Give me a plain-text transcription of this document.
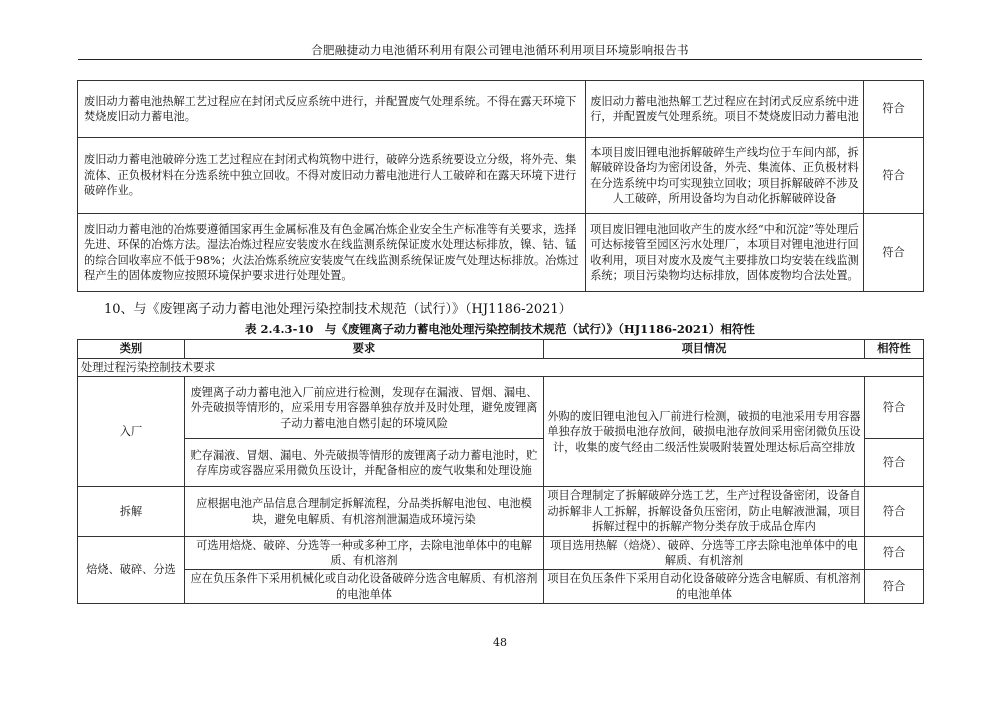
合肥融捷动力电池循环利用有限公司锂电池循环利用项目环境影响报告书
废旧动力蓄电池热解工艺过程应在封闭式反应系统中进行，并配置废气处理系统。不得在露天环境下焚烧废旧动力蓄电池。	废旧动力蓄电池热解工艺过程应在封闭式反应系统中进行，并配置废气处理系统。项目不焚烧废旧动力蓄电池	符合
废旧动力蓄电池破碎分选工艺过程应在封闭式构筑物中进行，破碎分选系统要设立分级，将外壳、集流体、正负极材料在分选系统中独立回收。不得对废旧动力蓄电池进行人工破碎和在露天环境下进行破碎作业。	本项目废旧锂电池拆解破碎生产线均位于车间内部，拆解破碎设备均为密闭设备，外壳、集流体、正负极材料在分选系统中均可实现独立回收；项目拆解破碎不涉及人工破碎，所用设备均为自动化拆解破碎设备	符合
废旧动力蓄电池的冶炼要遵循国家再生金属标准及有色金属冶炼企业安全生产标准等有关要求，选择先进、环保的冶炼方法。湿法冶炼过程应安装废水在线监测系统保证废水处理达标排放，镍、钴、锰的综合回收率应不低于98%；火法冶炼系统应安装废气在线监测系统保证废气处理达标排放。冶炼过程产生的固体废物应按照环境保护要求进行处理处置。	项目废旧锂电池回收产生的废水经“中和沉淀”等处理后可达标接管至园区污水处理厂，本项目对锂电池进行回收利用，项目对废水及废气主要排放口均安装在线监测系统；项目污染物均达标排放，固体废物均合法处置。	符合
10、与《废锂离子动力蓄电池处理污染控制技术规范（试行）》（HJ1186-2021）
表 2.4.3-10　与《废锂离子动力蓄电池处理污染控制技术规范（试行）》（HJ1186-2021）相符性
类别	要求	项目情况	相符性
处理过程污染控制技术要求			
入厂	废锂离子动力蓄电池入厂前应进行检测，发现存在漏液、冒烟、漏电、外壳破损等情形的，应采用专用容器单独存放并及时处理，避免废锂离子动力蓄电池自燃引起的环境风险	外购的废旧锂电池包入厂前进行检测，破损的电池采用专用容器单独存放于破损电池存放间，破损电池存放间采用密闭微负压设计，收集的废气经由二级活性炭吸附装置处理达标后高空排放	符合
	贮存漏液、冒烟、漏电、外壳破损等情形的废锂离子动力蓄电池时，贮存库房或容器应采用微负压设计，并配备相应的废气收集和处理设施		符合
拆解	应根据电池产品信息合理制定拆解流程，分品类拆解电池包、电池模块，避免电解质、有机溶剂泄漏造成环境污染	项目合理制定了拆解破碎分选工艺，生产过程设备密闭，设备自动拆解非人工拆解，拆解设备负压密闭，防止电解液泄漏，项目拆解过程中的拆解产物分类存放于成品仓库内	符合
焙烧、破碎、分选	可选用焙烧、破碎、分选等一种或多种工序，去除电池单体中的电解质、有机溶剂	项目选用热解（焙烧）、破碎、分选等工序去除电池单体中的电解质、有机溶剂	符合
	应在负压条件下采用机械化或自动化设备破碎分选含电解质、有机溶剂的电池单体	项目在负压条件下采用自动化设备破碎分选含电解质、有机溶剂的电池单体	符合
48
